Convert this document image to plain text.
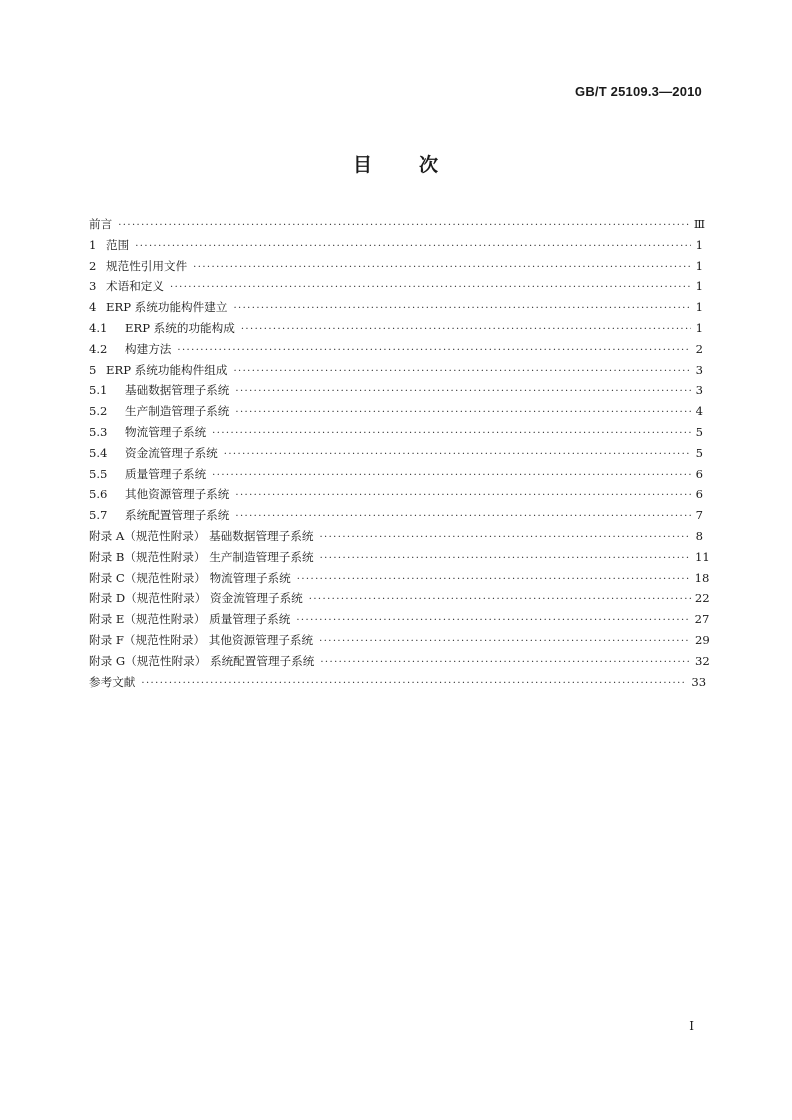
GB/T 25109.3—2010
目 次
前言 ·····	Ⅲ
1 范围 ·····	1
2 规范性引用文件 ·····	1
3 术语和定义 ·····	1
4 ERP 系统功能构件建立 ·····	1
4.1	ERP 系统的功能构成 ·····	1
4.2	构建方法 ·····	2
5 ERP 系统功能构件组成 ·····	3
5.1	基础数据管理子系统 ·····	3
5.2	生产制造管理子系统 ·····	4
5.3	物流管理子系统 ·····	5
5.4	资金流管理子系统 ·····	5
5.5	质量管理子系统 ·····	6
5.6	其他资源管理子系统 ·····	6
5.7	系统配置管理子系统 ·····	7
附录 A（规范性附录） 基础数据管理子系统 ·····	8
附录 B（规范性附录） 生产制造管理子系统 ·····	11
附录 C（规范性附录） 物流管理子系统 ·····	18
附录 D（规范性附录） 资金流管理子系统 ·····	22
附录 E（规范性附录） 质量管理子系统 ·····	27
附录 F（规范性附录） 其他资源管理子系统 ·····	29
附录 G（规范性附录） 系统配置管理子系统 ·····	32
参考文献 ·····	33
I
